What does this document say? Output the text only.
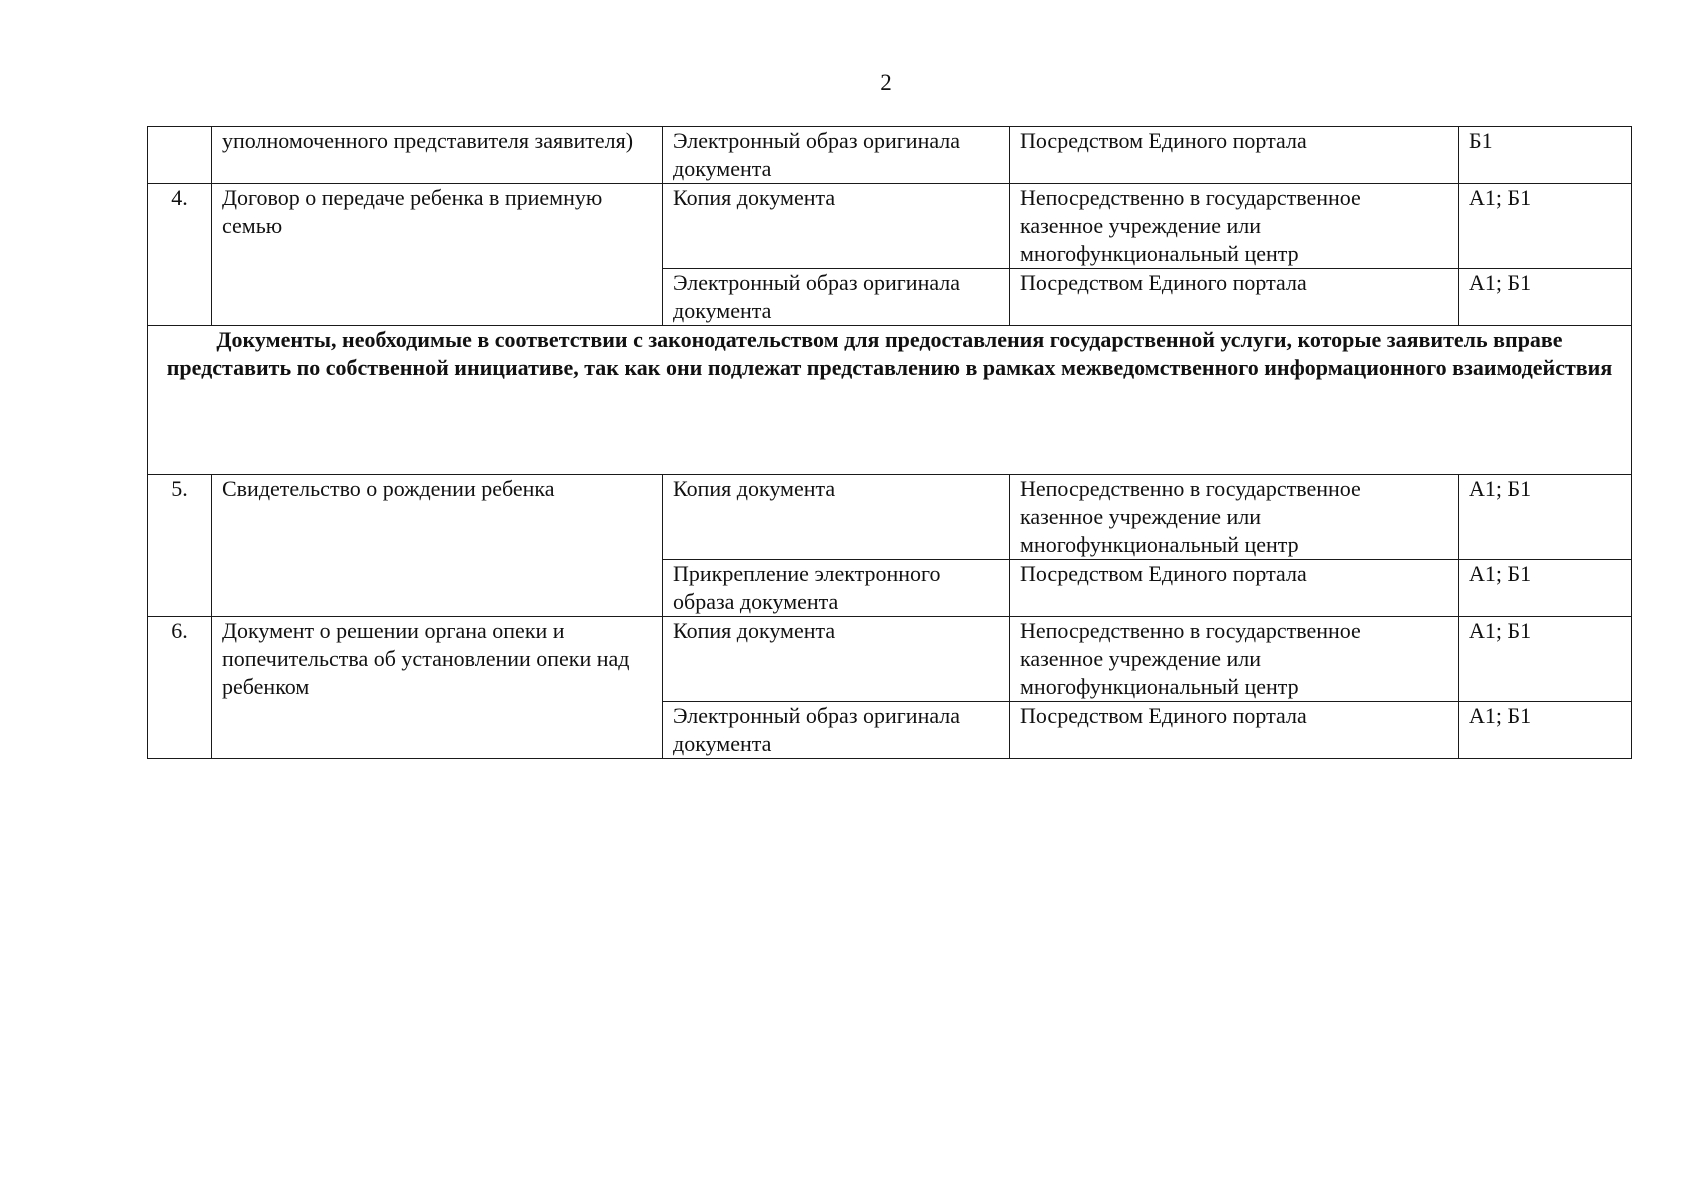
2
	уполномоченного представителя заявителя)	Электронный образ оригинала документа	Посредством Единого портала	Б1
4.	Договор о передаче ребенка в приемную семью	Копия документа	Непосредственно в государственное казенное учреждение или многофункциональный центр	А1; Б1
		Электронный образ оригинала документа	Посредством Единого портала	А1; Б1

Документы, необходимые в соответствии с законодательством для предоставления государственной услуги, которые заявитель вправе представить по собственной инициативе, так как они подлежат представлению в рамках межведомственного информационного взаимодействия				

5.	Свидетельство о рождении ребенка	Копия документа	Непосредственно в государственное казенное учреждение или многофункциональный центр	А1; Б1
		Прикрепление электронного образа документа	Посредством Единого портала	А1; Б1
6.	Документ о решении органа опеки и попечительства об установлении опеки над ребенком	Копия документа	Непосредственно в государственное казенное учреждение или многофункциональный центр	А1; Б1
		Электронный образ оригинала документа	Посредством Единого портала	А1; Б1
